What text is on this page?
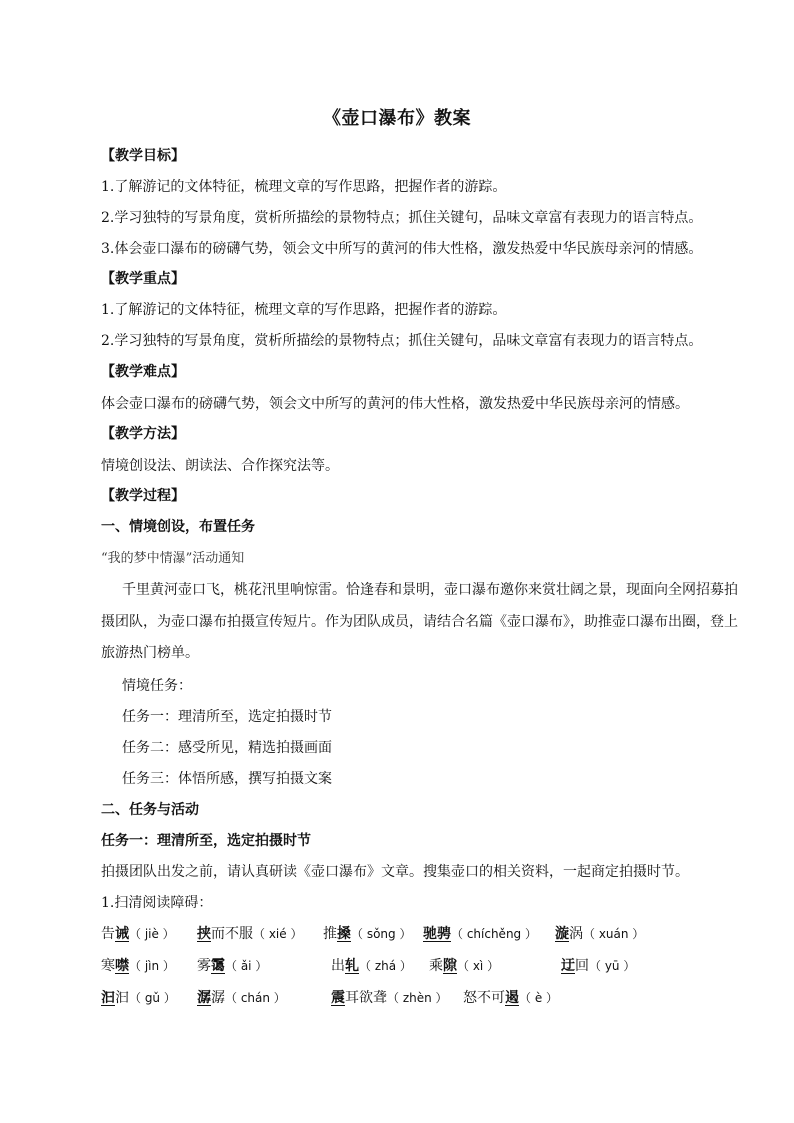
《壶口瀑布》教案
【教学目标】
1.了解游记的文体特征，梳理文章的写作思路，把握作者的游踪。
2.学习独特的写景角度，赏析所描绘的景物特点；抓住关键句，品味文章富有表现力的语言特点。
3.体会壶口瀑布的磅礴气势，领会文中所写的黄河的伟大性格，激发热爱中华民族母亲河的情感。
【教学重点】
1.了解游记的文体特征，梳理文章的写作思路，把握作者的游踪。
2.学习独特的写景角度，赏析所描绘的景物特点；抓住关键句，品味文章富有表现力的语言特点。
【教学难点】
体会壶口瀑布的磅礴气势，领会文中所写的黄河的伟大性格，激发热爱中华民族母亲河的情感。
【教学方法】
情境创设法、朗读法、合作探究法等。
【教学过程】
一、情境创设，布置任务
“我的梦中情瀑”活动通知
千里黄河壶口飞，桃花汛里响惊雷。恰逢春和景明，壶口瀑布邀你来赏壮阔之景，现面向全网招募拍
摄团队，为壶口瀑布拍摄宣传短片。作为团队成员，请结合名篇《壶口瀑布》，助推壶口瀑布出圈，登上
旅游热门榜单。
情境任务：
任务一：理清所至，选定拍摄时节
任务二：感受所见，精选拍摄画面
任务三：体悟所感，撰写拍摄文案
二、任务与活动
任务一：理清所至，选定拍摄时节
拍摄团队出发之前，请认真研读《壶口瀑布》文章。搜集壶口的相关资料，一起商定拍摄时节。
1.扫清阅读障碍：
告诫（ jiè ） 挟而不服（ xié ） 推搡（ sǒng ） 驰骋（ chíchěng ） 漩涡（ xuán ）
寒噤（ jìn ） 雾霭（ ǎi ）	出轧（ zhá ） 乘隙（ xì ）	迂回（ yū ）
汩汩（ gǔ ） 潺潺（ chán ）	震耳欲聋（ zhèn ） 怒不可遏（ è ）
